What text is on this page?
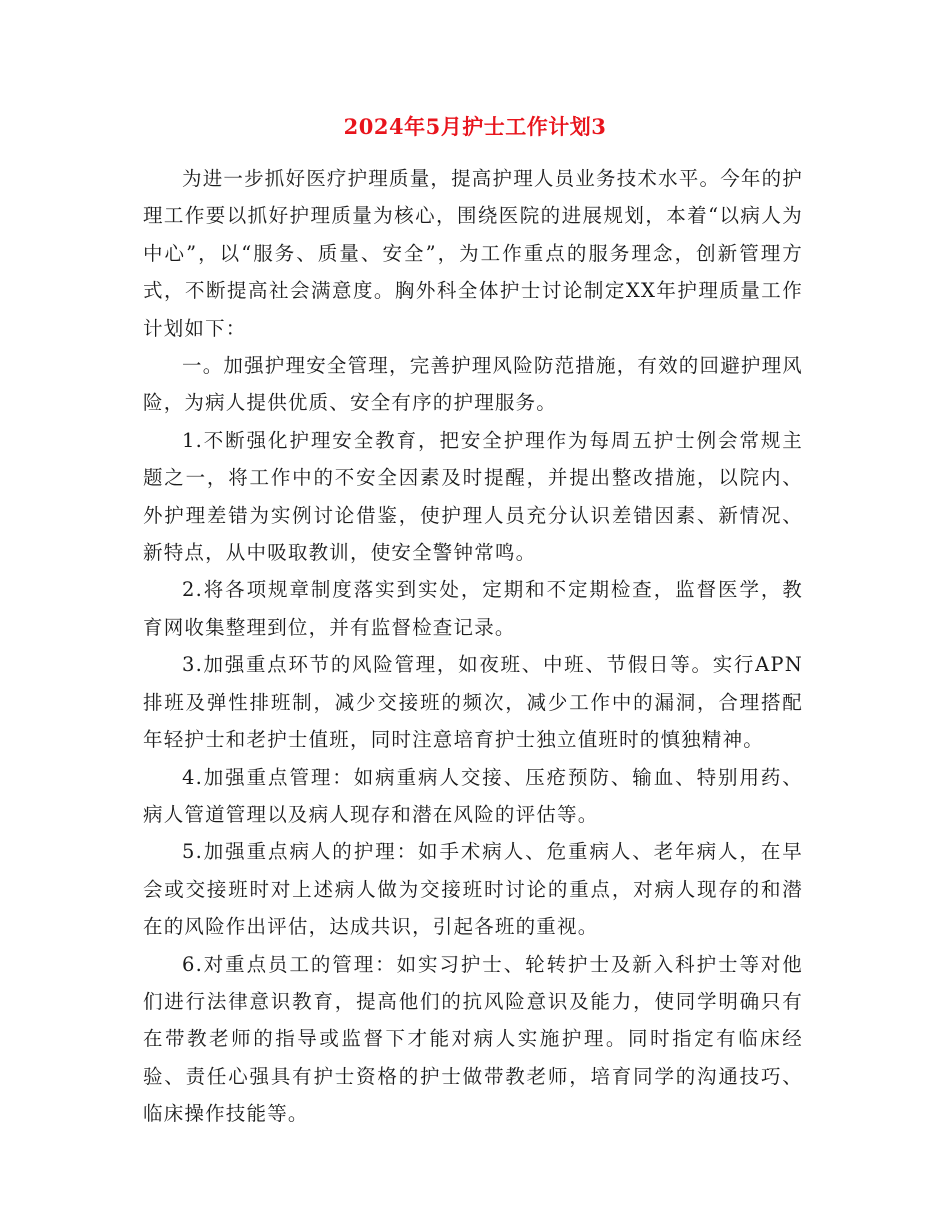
2024年5月护士工作计划3

为进一步抓好医疗护理质量，提高护理人员业务技术水平。今年的护理工作要以抓好护理质量为核心，围绕医院的进展规划，本着“以病人为中心”，以“服务、质量、安全”，为工作重点的服务理念，创新管理方式，不断提高社会满意度。胸外科全体护士讨论制定XX年护理质量工作计划如下：

一。加强护理安全管理，完善护理风险防范措施，有效的回避护理风险，为病人提供优质、安全有序的护理服务。

1.不断强化护理安全教育，把安全护理作为每周五护士例会常规主题之一，将工作中的不安全因素及时提醒，并提出整改措施，以院内、外护理差错为实例讨论借鉴，使护理人员充分认识差错因素、新情况、新特点，从中吸取教训，使安全警钟常鸣。

2.将各项规章制度落实到实处，定期和不定期检查，监督医学，教育网收集整理到位，并有监督检查记录。

3.加强重点环节的风险管理，如夜班、中班、节假日等。实行APN排班及弹性排班制，减少交接班的频次，减少工作中的漏洞，合理搭配年轻护士和老护士值班，同时注意培育护士独立值班时的慎独精神。

4.加强重点管理：如病重病人交接、压疮预防、输血、特别用药、病人管道管理以及病人现存和潜在风险的评估等。

5.加强重点病人的护理：如手术病人、危重病人、老年病人，在早会或交接班时对上述病人做为交接班时讨论的重点，对病人现存的和潜在的风险作出评估，达成共识，引起各班的重视。

6.对重点员工的管理：如实习护士、轮转护士及新入科护士等对他们进行法律意识教育，提高他们的抗风险意识及能力，使同学明确只有在带教老师的指导或监督下才能对病人实施护理。同时指定有临床经验、责任心强具有护士资格的护士做带教老师，培育同学的沟通技巧、临床操作技能等。
